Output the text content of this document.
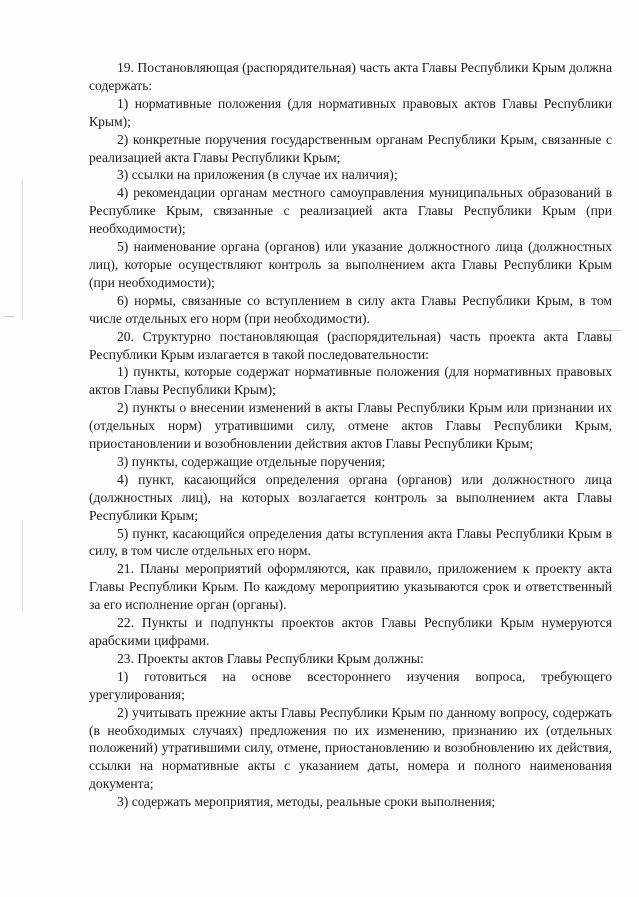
19. Постановляющая (распорядительная) часть акта Главы Республики Крым должна содержать:

1) нормативные положения (для нормативных правовых актов Главы Республики Крым);

2) конкретные поручения государственным органам Республики Крым, связанные с реализацией акта Главы Республики Крым;

3) ссылки на приложения (в случае их наличия);

4) рекомендации органам местного самоуправления муниципальных образований в Республике Крым, связанные с реализацией акта Главы Республики Крым (при необходимости);

5) наименование органа (органов) или указание должностного лица (должностных лиц), которые осуществляют контроль за выполнением акта Главы Республики Крым (при необходимости);

6) нормы, связанные со вступлением в силу акта Главы Республики Крым, в том числе отдельных его норм (при необходимости).

20. Структурно постановляющая (распорядительная) часть проекта акта Главы Республики Крым излагается в такой последовательности:

1) пункты, которые содержат нормативные положения (для нормативных правовых актов Главы Республики Крым);

2) пункты о внесении изменений в акты Главы Республики Крым или признании их (отдельных норм) утратившими силу, отмене актов Главы Республики Крым, приостановлении и возобновлении действия актов Главы Республики Крым;

3) пункты, содержащие отдельные поручения;

4) пункт, касающийся определения органа (органов) или должностного лица (должностных лиц), на которых возлагается контроль за выполнением акта Главы Республики Крым;

5) пункт, касающийся определения даты вступления акта Главы Республики Крым в силу, в том числе отдельных его норм.

21. Планы мероприятий оформляются, как правило, приложением к проекту акта Главы Республики Крым. По каждому мероприятию указываются срок и ответственный за его исполнение орган (органы).

22. Пункты и подпункты проектов актов Главы Республики Крым нумеруются арабскими цифрами.

23. Проекты актов Главы Республики Крым должны:

1) готовиться на основе всестороннего изучения вопроса, требующего урегулирования;

2) учитывать прежние акты Главы Республики Крым по данному вопросу, содержать (в необходимых случаях) предложения по их изменению, признанию их (отдельных положений) утратившими силу, отмене, приостановлению и возобновлению их действия, ссылки на нормативные акты с указанием даты, номера и полного наименования документа;

3) содержать мероприятия, методы, реальные сроки выполнения;
